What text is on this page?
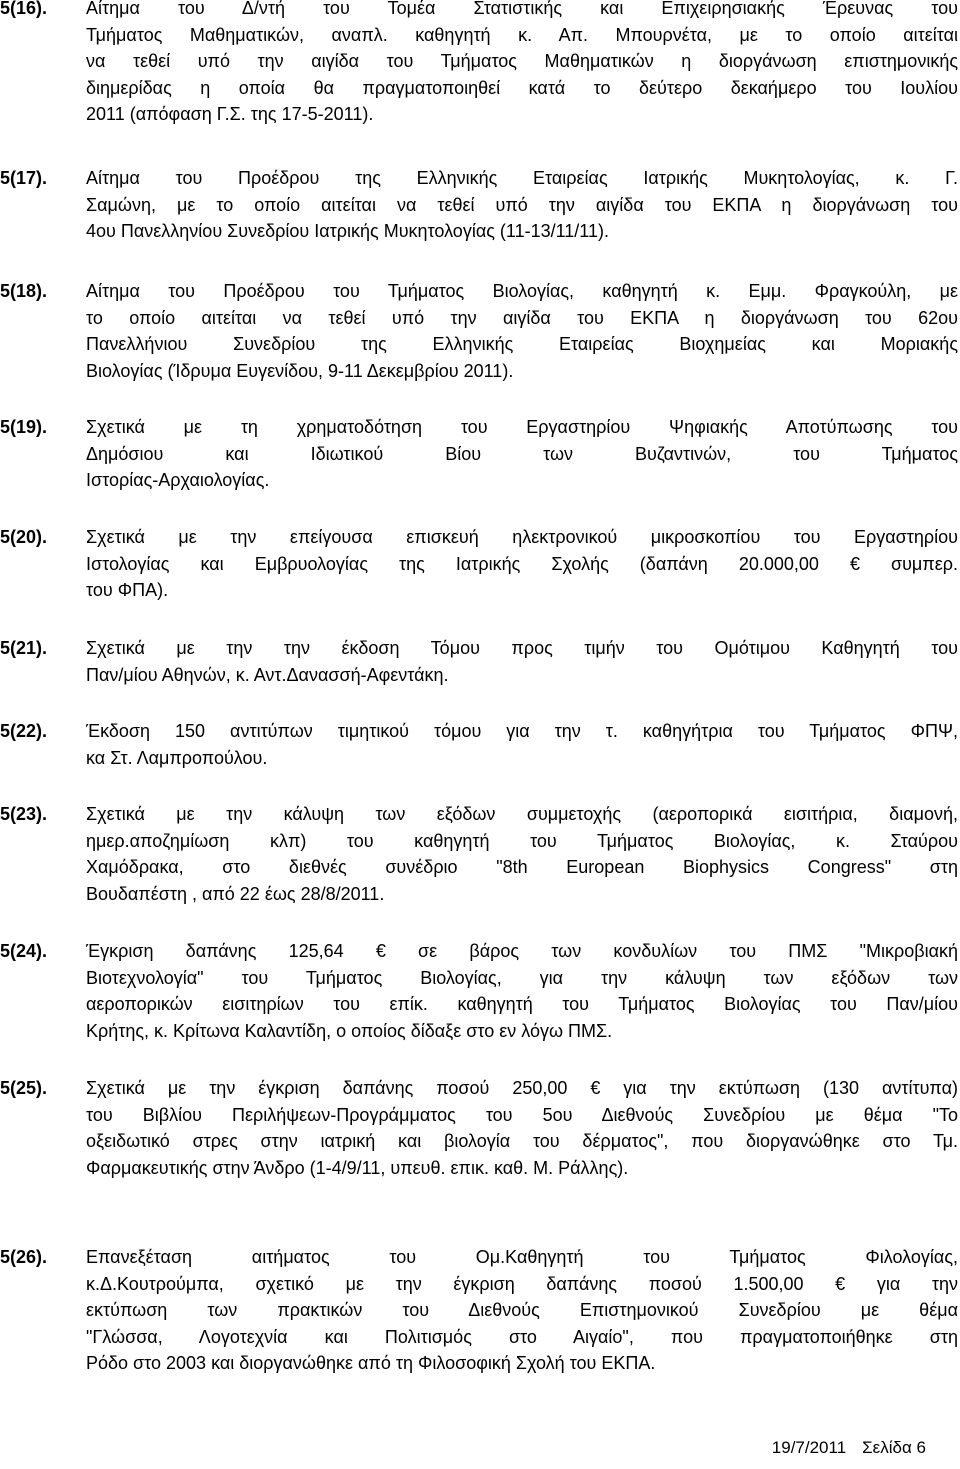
5(16).	Αίτημα του Δ/ντή του Τομέα Στατιστικής και Επιχειρησιακής Έρευνας του
Τμήματος Μαθηματικών, αναπλ. καθηγητή κ. Απ. Μπουρνέτα, με το οποίο αιτείται
να τεθεί υπό την αιγίδα του Τμήματος Μαθηματικών η διοργάνωση επιστημονικής
διημερίδας η οποία θα πραγματοποιηθεί κατά το δεύτερο δεκαήμερο του Ιουλίου
2011 (απόφαση Γ.Σ. της 17-5-2011).
5(17).	Αίτημα του Προέδρου της Ελληνικής Εταιρείας Ιατρικής Μυκητολογίας, κ. Γ.
Σαμώνη, με το οποίο αιτείται να τεθεί υπό την αιγίδα του ΕΚΠΑ η διοργάνωση του
4ου Πανελληνίου Συνεδρίου Ιατρικής Μυκητολογίας (11-13/11/11).
5(18).	Αίτημα του Προέδρου του Τμήματος Βιολογίας, καθηγητή κ. Εμμ. Φραγκούλη, με
το οποίο αιτείται να τεθεί υπό την αιγίδα του ΕΚΠΑ η διοργάνωση του 62ου
Πανελλήνιου Συνεδρίου της Ελληνικής Εταιρείας Βιοχημείας και Μοριακής
Βιολογίας (Ίδρυμα Ευγενίδου, 9-11 Δεκεμβρίου 2011).
5(19).	Σχετικά με τη χρηματοδότηση του Εργαστηρίου Ψηφιακής Αποτύπωσης του
Δημόσιου και Ιδιωτικού Βίου των Βυζαντινών, του Τμήματος
Ιστορίας-Αρχαιολογίας.
5(20).	Σχετικά με την επείγουσα επισκευή ηλεκτρονικού μικροσκοπίου του Εργαστηρίου
Ιστολογίας και Εμβρυολογίας της Ιατρικής Σχολής (δαπάνη 20.000,00 € συμπερ.
του ΦΠΑ).
5(21).	Σχετικά με την την έκδοση Τόμου προς τιμήν του Ομότιμου Καθηγητή του
Παν/μίου Αθηνών, κ. Αντ.Δανασσή-Αφεντάκη.
5(22).	Έκδοση 150 αντιτύπων τιμητικού τόμου για την τ. καθηγήτρια του Τμήματος ΦΠΨ,
κα Στ. Λαμπροπούλου.
5(23).	Σχετικά με την κάλυψη των εξόδων συμμετοχής (αεροπορικά εισιτήρια, διαμονή,
ημερ.αποζημίωση κλπ) του καθηγητή του Τμήματος Βιολογίας, κ. Σταύρου
Χαμόδρακα, στο διεθνές συνέδριο "8th European Biophysics Congress" στη
Βουδαπέστη , από 22 έως 28/8/2011.
5(24).	Έγκριση δαπάνης 125,64 € σε βάρος των κονδυλίων του ΠΜΣ "Μικροβιακή
Βιοτεχνολογία" του Τμήματος Βιολογίας, για την κάλυψη των εξόδων των
αεροπορικών εισιτηρίων του επίκ. καθηγητή του Τμήματος Βιολογίας του Παν/μίου
Κρήτης, κ. Κρίτωνα Καλαντίδη, ο οποίος δίδαξε στο εν λόγω ΠΜΣ.
5(25).	Σχετικά με την έγκριση δαπάνης ποσού 250,00 € για την εκτύπωση (130 αντίτυπα)
του Βιβλίου Περιλήψεων-Προγράμματος του 5ου Διεθνούς Συνεδρίου με θέμα "Το
οξειδωτικό στρες στην ιατρική και βιολογία του δέρματος", που διοργανώθηκε στο Τμ.
Φαρμακευτικής στην Άνδρο (1-4/9/11, υπευθ. επικ. καθ. Μ. Ράλλης).
5(26).	Επανεξέταση αιτήματος του Ομ.Καθηγητή του Τμήματος Φιλολογίας,
κ.Δ.Κουτρούμπα, σχετικό με την έγκριση δαπάνης ποσού 1.500,00 € για την
εκτύπωση των πρακτικών του Διεθνούς Επιστημονικού Συνεδρίου με θέμα
"Γλώσσα, Λογοτεχνία και Πολιτισμός στο Αιγαίο", που πραγματοποιήθηκε στη
Ρόδο στο 2003 και διοργανώθηκε από τη Φιλοσοφική Σχολή του ΕΚΠΑ.
19/7/2011 Σελίδα 6
